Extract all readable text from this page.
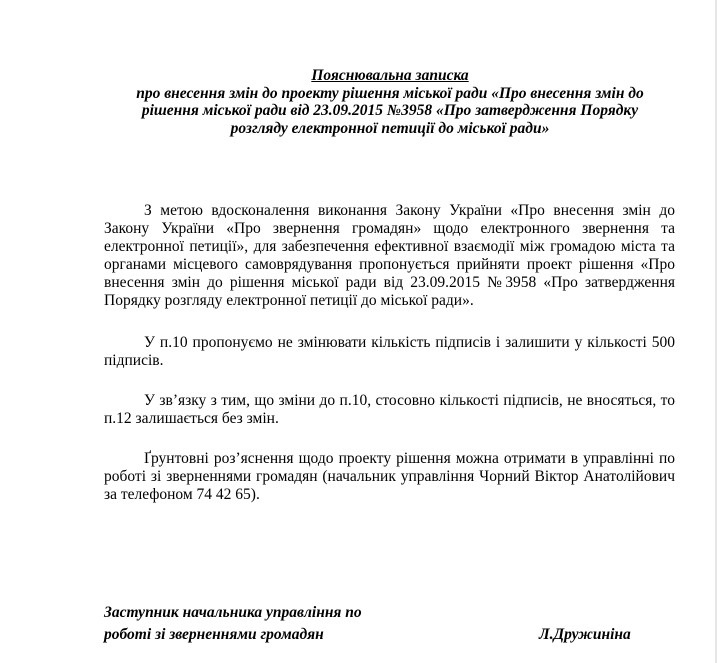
Пояснювальна записка
про внесення змін до проекту рішення міської ради «Про внесення змін до
рішення міської ради від 23.09.2015 №3958 «Про затвердження Порядку
розгляду електронної петиції до міської ради»
З метою вдосконалення виконання Закону України «Про внесення змін до Закону України «Про звернення громадян» щодо електронного звернення та електронної петиції», для забезпечення ефективної взаємодії між громадою міста та органами місцевого самоврядування пропонується прийняти проект рішення «Про внесення змін до рішення міської ради від 23.09.2015 №3958 «Про затвердження Порядку розгляду електронної петиції до міської ради».
У п.10 пропонуємо не змінювати кількість підписів і залишити у кількості 500 підписів.
У зв’язку з тим, що зміни до п.10, стосовно кількості підписів, не вносяться, то п.12 залишається без змін.
Ґрунтовні роз’яснення щодо проекту рішення можна отримати в управлінні по роботі зі зверненнями громадян (начальник управління Чорний Віктор Анатолійович за телефоном 74 42 65).
Заступник начальника управління по
роботі зі зверненнями громадян	Л.Дружиніна
